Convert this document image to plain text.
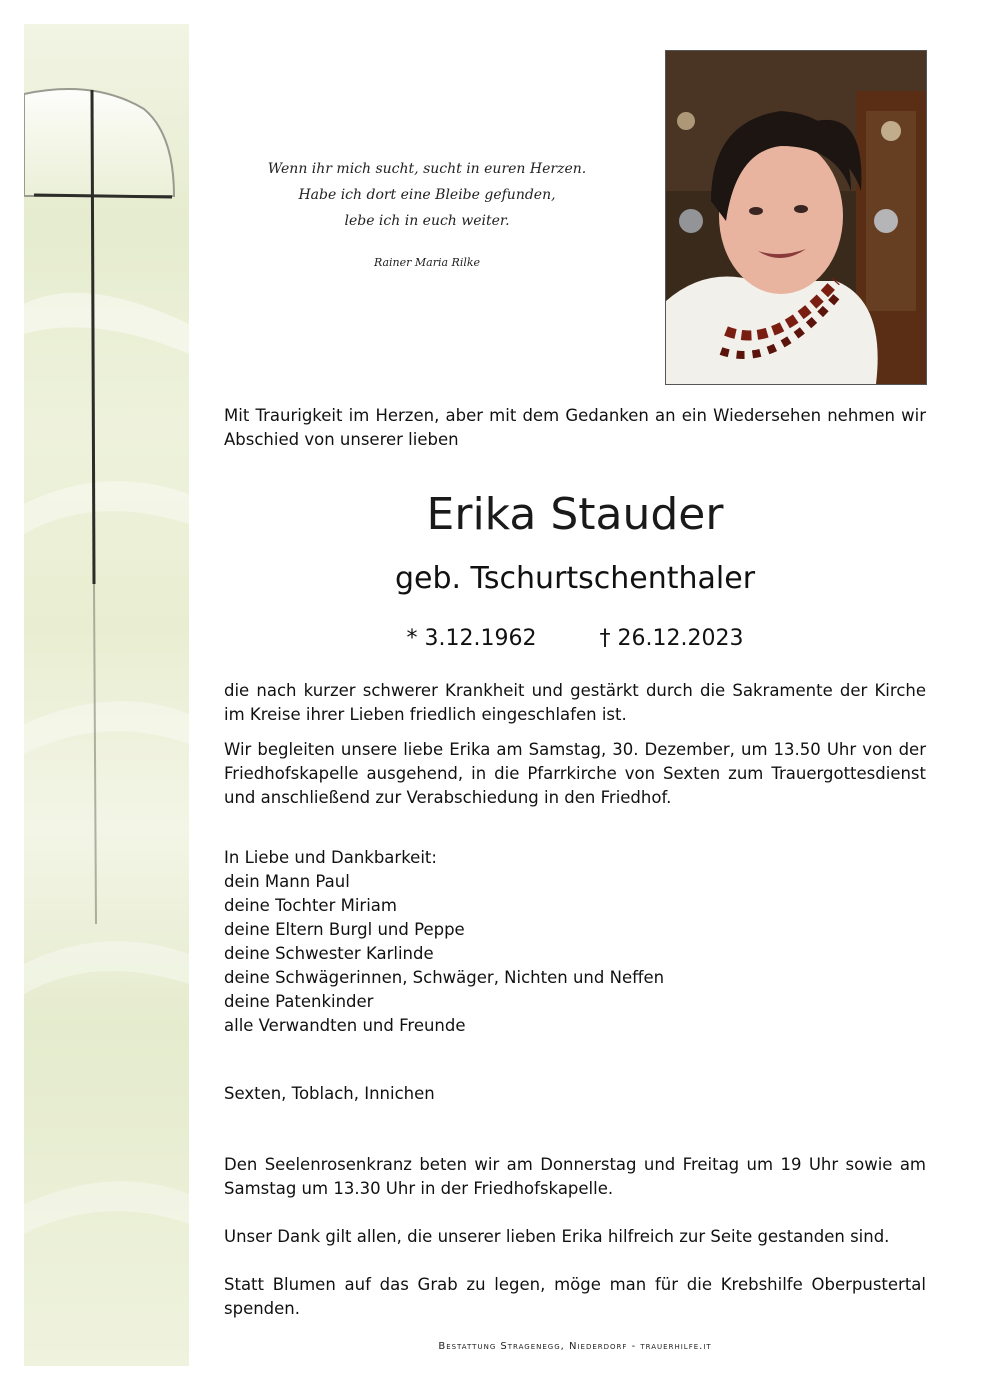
Wenn ihr mich sucht, sucht in euren Herzen.
Habe ich dort eine Bleibe gefunden,
lebe ich in euch weiter.
Rainer Maria Rilke

Mit Traurigkeit im Herzen, aber mit dem Gedanken an ein Wiedersehen nehmen wir Abschied von unserer lieben

Erika Stauder
geb. Tschurtschenthaler
* 3.12.1962	† 26.12.2023

die nach kurzer schwerer Krankheit und gestärkt durch die Sakramente der Kirche im Kreise ihrer Lieben friedlich eingeschlafen ist.

Wir begleiten unsere liebe Erika am Samstag, 30. Dezember, um 13.50 Uhr von der Friedhofskapelle ausgehend, in die Pfarrkirche von Sexten zum Trauergottesdienst und anschließend zur Verabschiedung in den Friedhof.

In Liebe und Dankbarkeit:
dein Mann Paul
deine Tochter Miriam
deine Eltern Burgl und Peppe
deine Schwester Karlinde
deine Schwägerinnen, Schwäger, Nichten und Neffen
deine Patenkinder
alle Verwandten und Freunde
Sexten, Toblach, Innichen

Den Seelenrosenkranz beten wir am Donnerstag und Freitag um 19 Uhr sowie am Samstag um 13.30 Uhr in der Friedhofskapelle.

Unser Dank gilt allen, die unserer lieben Erika hilfreich zur Seite gestanden sind.

Statt Blumen auf das Grab zu legen, möge man für die Krebshilfe Oberpustertal spenden.

Bestattung Stragenegg, Niederdorf - trauerhilfe.it
